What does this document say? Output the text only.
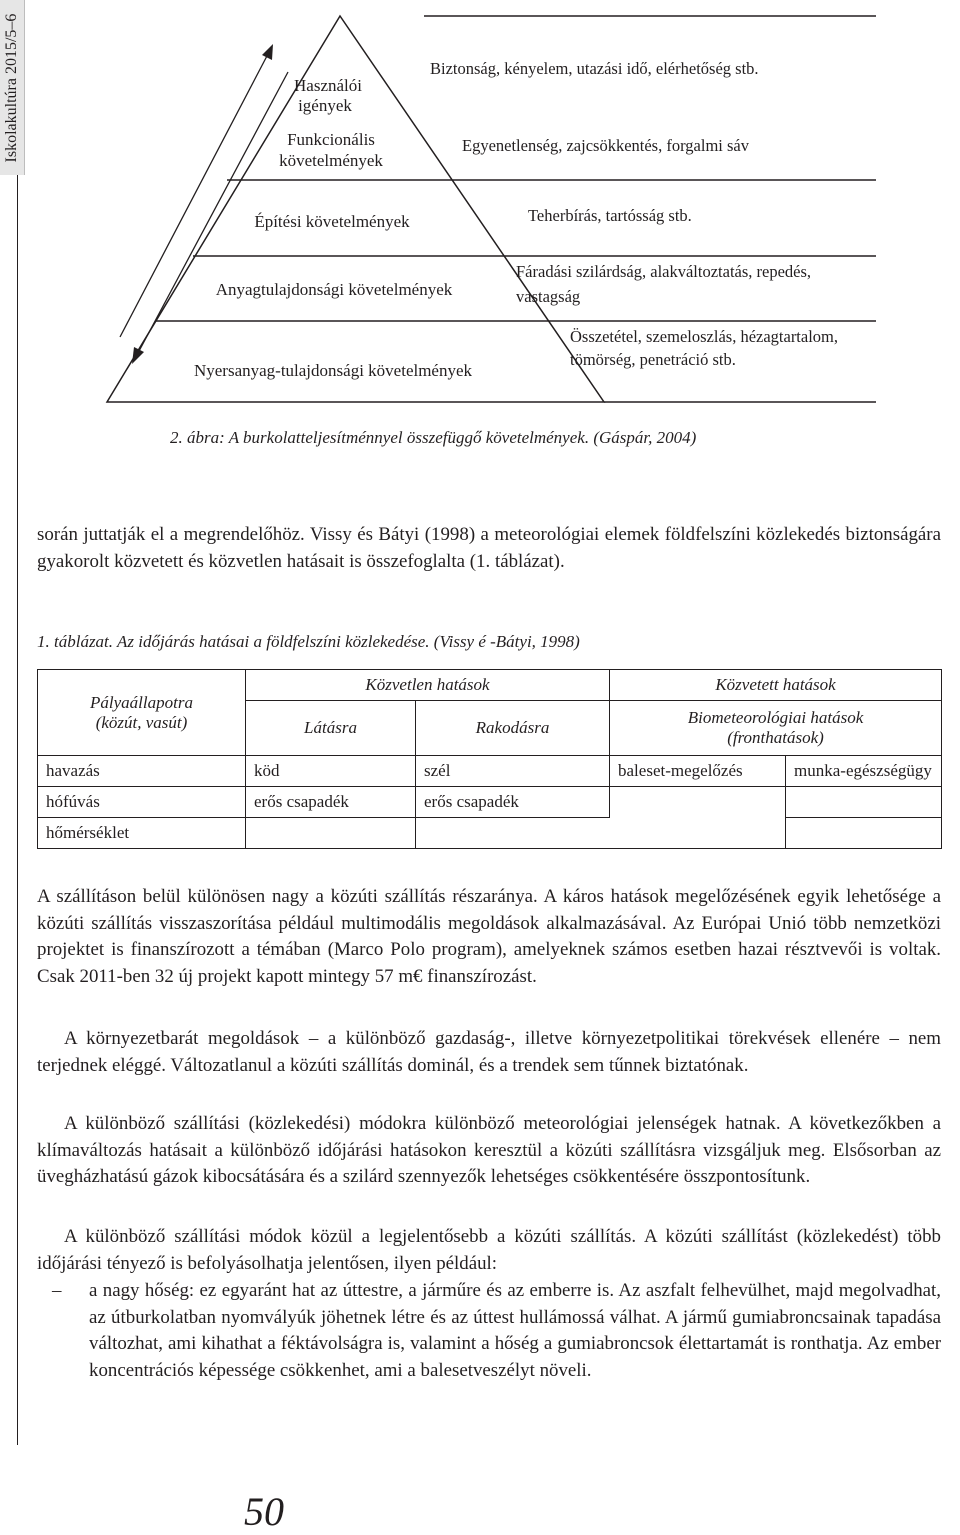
Iskolakultúra 2015/5–6	Használói
igények
Funkcionális
követelmények
Építési követelmények
Anyagtulajdonsági követelmények
Nyersanyag-tulajdonsági követelmények
Biztonság, kényelem, utazási idő, elérhetőség stb.
Egyenetlenség, zajcsökkentés, forgalmi sáv
Teherbírás, tartósság stb.
Fáradási szilárdság, alakváltoztatás, repedés,
vastagság
Összetétel, szemeloszlás, hézagtartalom,
tömörség, penetráció stb.
2. ábra: A burkolatteljesítménnyel összefüggő követelmények. (Gáspár, 2004)

során juttatják el a megrendelőhöz. Vissy és Bátyi (1998) a meteorológiai elemek földfelszíni közlekedés biztonságára gyakorolt közvetett és közvetlen hatásait is összefoglalta (1. táblázat).

1. táblázat. Az időjárás hatásai a földfelszíni közlekedése. (Vissy é -Bátyi, 1998)
Pályaállapotra
(közút, vasút)	Közvetlen hatások		Közvetett hatások	
	Látásra	Rakodásra	Biometeorológiai hatások
(fronthatások)	

havazás	köd	szél	baleset-megelőzés	munka-egészségügy
hófúvás	erős csapadék	erős csapadék		
hőmérséklet				

A szállításon belül különösen nagy a közúti szállítás részaránya. A káros hatások megelőzésének egyik lehetősége a közúti szállítás visszaszorítása például multimodális megoldások alkalmazásával. Az Európai Unió több nemzetközi projektet is finanszírozott a témában (Marco Polo program), amelyeknek számos esetben hazai résztvevői is voltak. Csak 2011-ben 32 új projekt kapott mintegy 57 m€ finanszírozást.

A környezetbarát megoldások – a különböző gazdaság-, illetve környezetpolitikai törekvések ellenére – nem terjednek eléggé. Változatlanul a közúti szállítás dominál, és a trendek sem tűnnek biztatónak.

A különböző szállítási (közlekedési) módokra különböző meteorológiai jelenségek hatnak. A következőkben a klímaváltozás hatásait a különböző időjárási hatásokon keresztül a közúti szállításra vizsgáljuk meg. Elsősorban az üvegházhatású gázok kibocsátására és a szilárd szennyezők lehetséges csökkentésére összpontosítunk.

A különböző szállítási módok közül a legjelentősebb a közúti szállítás. A közúti szállítást (közlekedést) több időjárási tényező is befolyásolhatja jelentősen, ilyen például:

– a nagy hőség: ez egyaránt hat az úttestre, a járműre és az emberre is. Az aszfalt felhevülhet, majd megolvadhat, az útburkolatban nyomvályúk jöhetnek létre és az úttest hullámossá válhat. A jármű gumiabroncsainak tapadása változhat, ami kihathat a féktávolságra is, valamint a hőség a gumiabroncsok élettartamát is ronthatja. Az ember koncentrációs képessége csökkenhet, ami a balesetveszélyt növeli.

50
